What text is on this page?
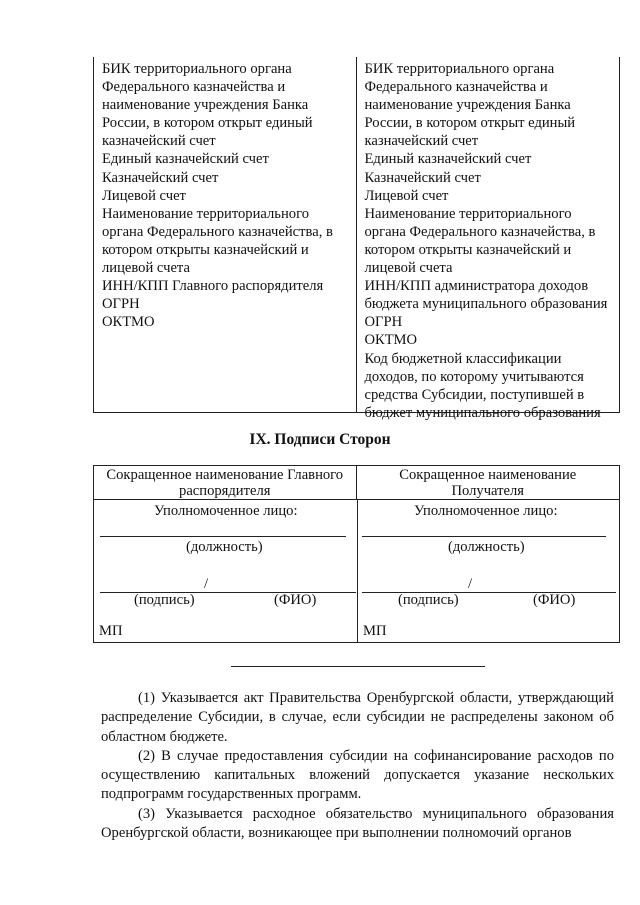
БИК территориального органа
Федерального казначейства и
наименование учреждения Банка
России, в котором открыт единый
казначейский счет
Единый казначейский счет
Казначейский счет
Лицевой счет
Наименование территориального
органа Федерального казначейства, в
котором открыты казначейский и
лицевой счета
ИНН/КПП Главного распорядителя
ОГРН
ОКТМО
БИК территориального органа
Федерального казначейства и
наименование учреждения Банка
России, в котором открыт единый
казначейский счет
Единый казначейский счет
Казначейский счет
Лицевой счет
Наименование территориального
органа Федерального казначейства, в
котором открыты казначейский и
лицевой счета
ИНН/КПП администратора доходов
бюджета муниципального образования
ОГРН
ОКТМО
Код бюджетной классификации
доходов, по которому учитываются
средства Субсидии, поступившей в
бюджет муниципального образования
IX. Подписи Сторон
Сокращенное наименование Главного
распорядителя
Сокращенное наименование
Получателя
Уполномоченное лицо:
(должность)
/
(подпись)	(ФИО)
МП
Уполномоченное лицо:
(должность)
/
(подпись)	(ФИО)
МП

(1) Указывается акт Правительства Оренбургской области, утверждающий распределение Субсидии, в случае, если субсидии не распределены законом об областном бюджете.

(2) В случае предоставления субсидии на софинансирование расходов по осуществлению капитальных вложений допускается указание нескольких подпрограмм государственных программ.

(3) Указывается расходное обязательство муниципального образования Оренбургской области, возникающее при выполнении полномочий органов
